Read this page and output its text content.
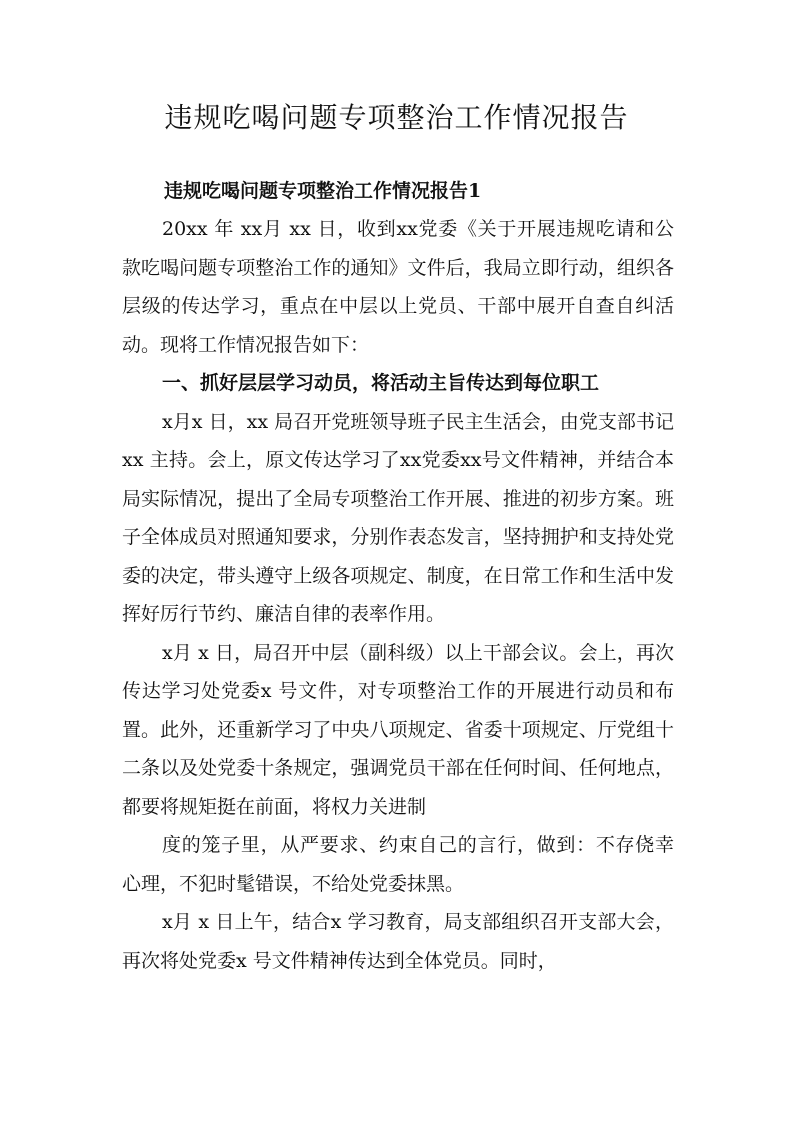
违规吃喝问题专项整治工作情况报告

违规吃喝问题专项整治工作情况报告1

20xx 年 xx月 xx 日，收到xx党委《关于开展违规吃请和公款吃喝问题专项整治工作的通知》文件后，我局立即行动，组织各层级的传达学习，重点在中层以上党员、干部中展开自查自纠活动。现将工作情况报告如下：

一、抓好层层学习动员，将活动主旨传达到每位职工

x月x 日，xx 局召开党班领导班子民主生活会，由党支部书记xx 主持。会上，原文传达学习了xx党委xx号文件精神，并结合本局实际情况，提出了全局专项整治工作开展、推进的初步方案。班子全体成员对照通知要求，分别作表态发言，坚持拥护和支持处党委的决定，带头遵守上级各项规定、制度，在日常工作和生活中发挥好厉行节约、廉洁自律的表率作用。

x月 x 日，局召开中层（副科级）以上干部会议。会上，再次传达学习处党委x 号文件，对专项整治工作的开展进行动员和布置。此外，还重新学习了中央八项规定、省委十项规定、厅党组十二条以及处党委十条规定，强调党员干部在任何时间、任何地点，都要将规矩挺在前面，将权力关进制

度的笼子里，从严要求、约束自己的言行，做到：不存侥幸心理，不犯时髦错误，不给处党委抹黑。

x月 x 日上午，结合x 学习教育，局支部组织召开支部大会，再次将处党委x 号文件精神传达到全体党员。同时，
